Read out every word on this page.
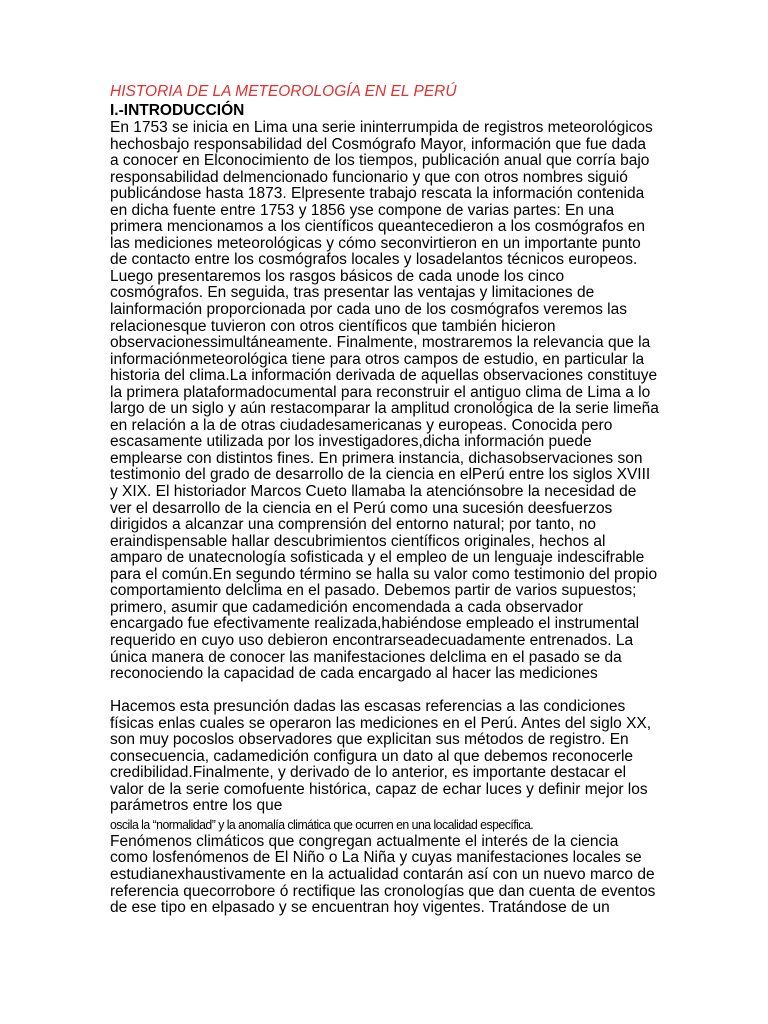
HISTORIA DE LA METEOROLOGÍA EN EL PERÚ
I.-INTRODUCCIÓN
En 1753 se inicia en Lima una serie ininterrumpida de registros meteorológicos
hechosbajo responsabilidad del Cosmógrafo Mayor, información que fue dada
a conocer en Elconocimiento de los tiempos, publicación anual que corría bajo
responsabilidad delmencionado funcionario y que con otros nombres siguió
publicándose hasta 1873. Elpresente trabajo rescata la información contenida
en dicha fuente entre 1753 y 1856 yse compone de varias partes: En una
primera mencionamos a los científicos queantecedieron a los cosmógrafos en
las mediciones meteorológicas y cómo seconvirtieron en un importante punto
de contacto entre los cosmógrafos locales y losadelantos técnicos europeos.
Luego presentaremos los rasgos básicos de cada unode los cinco
cosmógrafos. En seguida, tras presentar las ventajas y limitaciones de
lainformación proporcionada por cada uno de los cosmógrafos veremos las
relacionesque tuvieron con otros científicos que también hicieron
observacionessimultáneamente. Finalmente, mostraremos la relevancia que la
informaciónmeteorológica tiene para otros campos de estudio, en particular la
historia del clima.La información derivada de aquellas observaciones constituye
la primera plataformadocumental para reconstruir el antiguo clima de Lima a lo
largo de un siglo y aún restacomparar la amplitud cronológica de la serie limeña
en relación a la de otras ciudadesamericanas y europeas. Conocida pero
escasamente utilizada por los investigadores,dicha información puede
emplearse con distintos fines. En primera instancia, dichasobservaciones son
testimonio del grado de desarrollo de la ciencia en elPerú entre los siglos XVIII
y XIX. El historiador Marcos Cueto llamaba la atenciónsobre la necesidad de
ver el desarrollo de la ciencia en el Perú como una sucesión deesfuerzos
dirigidos a alcanzar una comprensión del entorno natural; por tanto, no
eraindispensable hallar descubrimientos científicos originales, hechos al
amparo de unatecnología sofisticada y el empleo de un lenguaje indescifrable
para el común.En segundo término se halla su valor como testimonio del propio
comportamiento delclima en el pasado. Debemos partir de varios supuestos;
primero, asumir que cadamedición encomendada a cada observador
encargado fue efectivamente realizada,habiéndose empleado el instrumental
requerido en cuyo uso debieron encontrarseadecuadamente entrenados. La
única manera de conocer las manifestaciones delclima en el pasado se da
reconociendo la capacidad de cada encargado al hacer las mediciones
Hacemos esta presunción dadas las escasas referencias a las condiciones
físicas enlas cuales se operaron las mediciones en el Perú. Antes del siglo XX,
son muy pocoslos observadores que explicitan sus métodos de registro. En
consecuencia, cadamedición configura un dato al que debemos reconocerle
credibilidad.Finalmente, y derivado de lo anterior, es importante destacar el
valor de la serie comofuente histórica, capaz de echar luces y definir mejor los
parámetros entre los que
oscila la “normalidad” y la anomalía climática que ocurren en una localidad específica.
Fenómenos climáticos que congregan actualmente el interés de la ciencia
como losfenómenos de El Niño o La Niña y cuyas manifestaciones locales se
estudianexhaustivamente en la actualidad contarán así con un nuevo marco de
referencia quecorrobore ó rectifique las cronologías que dan cuenta de eventos
de ese tipo en elpasado y se encuentran hoy vigentes. Tratándose de un
